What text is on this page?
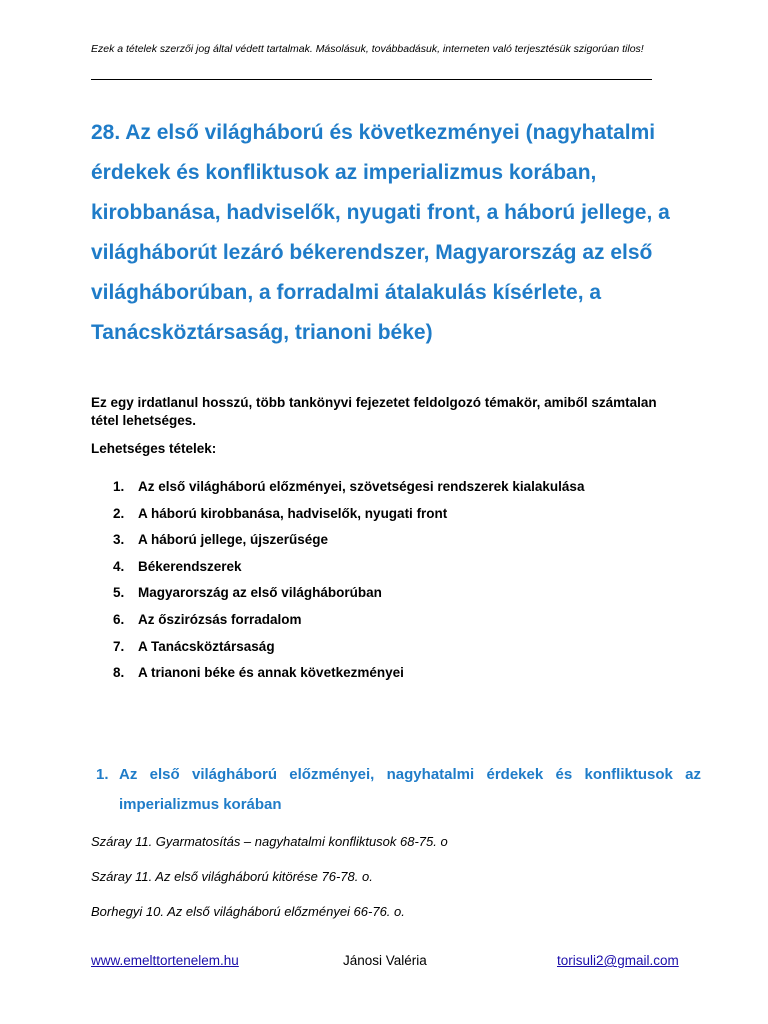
Ezek a tételek szerzői jog által védett tartalmak. Másolásuk, továbbadásuk, interneten való terjesztésük szigorúan tilos!
28. Az első világháború és következményei (nagyhatalmi érdekek és konfliktusok az imperializmus korában, kirobbanása, hadviselők, nyugati front, a háború jellege, a világháborút lezáró békerendszer, Magyarország az első világháborúban, a forradalmi átalakulás kísérlete, a Tanácsköztársaság, trianoni béke)

Ez egy irdatlanul hosszú, több tankönyvi fejezetet feldolgozó témakör, amiből számtalan tétel lehetséges.

Lehetséges tételek:

1. Az első világháború előzményei, szövetségesi rendszerek kialakulása
2. A háború kirobbanása, hadviselők, nyugati front
3. A háború jellege, újszerűsége
4. Békerendszerek
5. Magyarország az első világháborúban
6. Az őszirózsás forradalom
7. A Tanácsköztársaság
8. A trianoni béke és annak következményei
1. Az első világháború előzményei, nagyhatalmi érdekek és konfliktusok az imperializmus korában

Száray 11. Gyarmatosítás – nagyhatalmi konfliktusok 68-75. o

Száray 11. Az első világháború kitörése 76-78. o.

Borhegyi 10. Az első világháború előzményei 66-76. o.

www.emelttortenelem.hu	Jánosi Valéria	torisuli2@gmail.com
